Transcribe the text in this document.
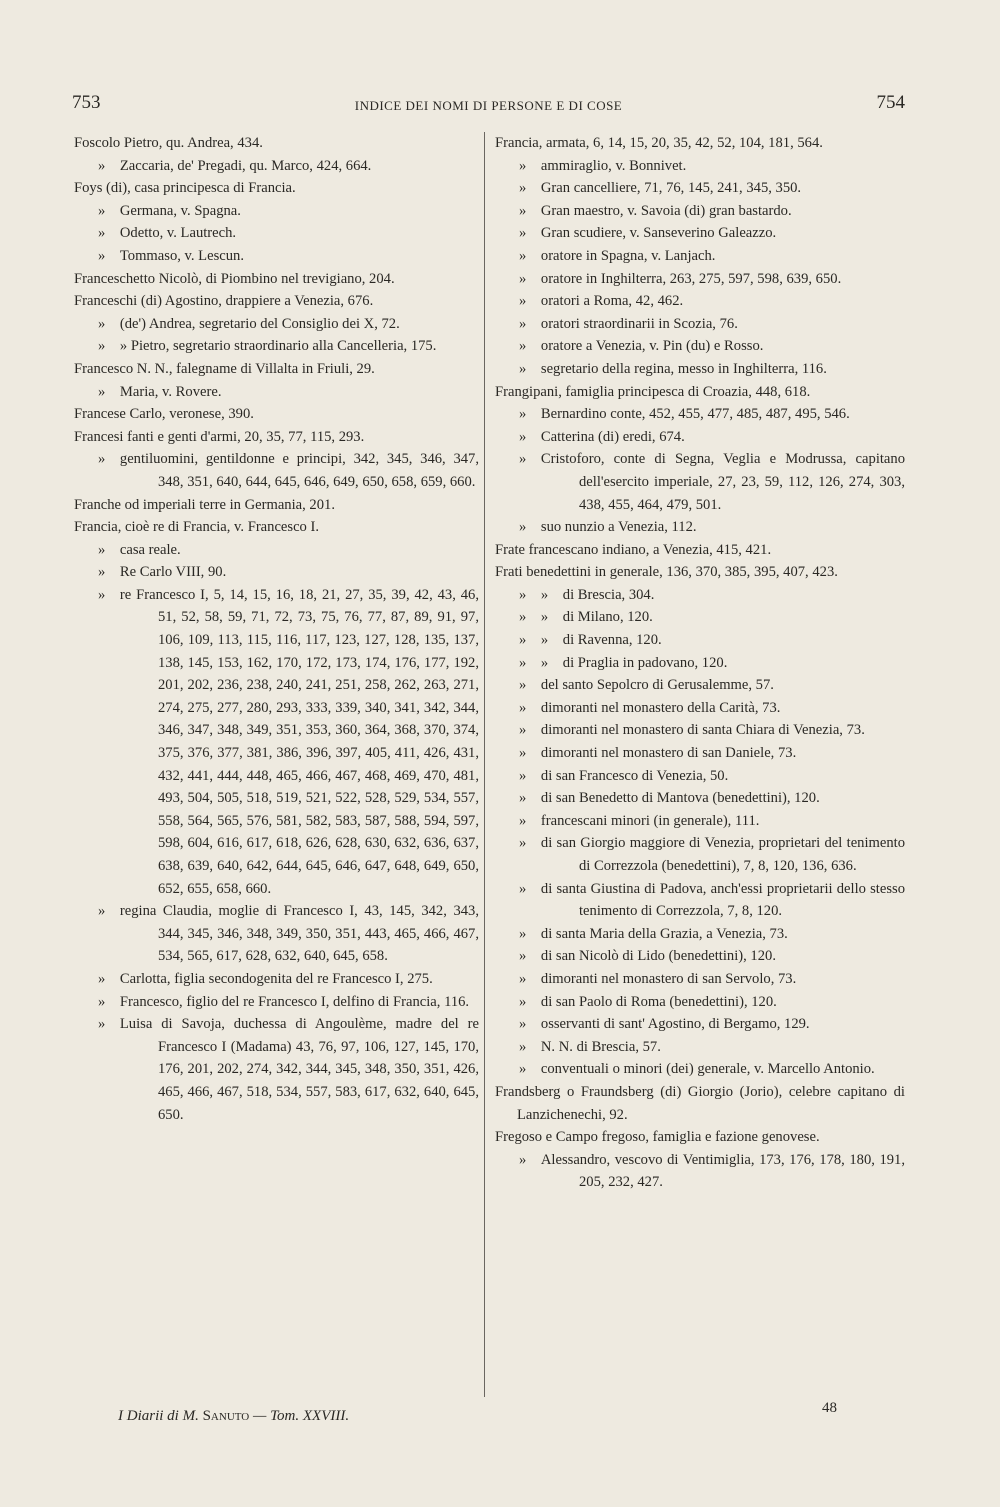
753	INDICE DEI NOMI DI PERSONE E DI COSE	754

Foscolo Pietro, qu. Andrea, 434.

» Zaccaria, de' Pregadi, qu. Marco, 424, 664.

Foys (di), casa principesca di Francia.

» Germana, v. Spagna.

» Odetto, v. Lautrech.

» Tommaso, v. Lescun.

Franceschetto Nicolò, di Piombino nel trevigiano, 204.

Franceschi (di) Agostino, drappiere a Venezia, 676.

» (de') Andrea, segretario del Consiglio dei X, 72.

» » Pietro, segretario straordinario alla Cancelleria, 175.

Francesco N. N., falegname di Villalta in Friuli, 29.

» Maria, v. Rovere.

Francese Carlo, veronese, 390.

Francesi fanti e genti d'armi, 20, 35, 77, 115, 293.

» gentiluomini, gentildonne e principi, 342, 345, 346, 347, 348, 351, 640, 644, 645, 646, 649, 650, 658, 659, 660.

Franche od imperiali terre in Germania, 201.

Francia, cioè re di Francia, v. Francesco I.

» casa reale.

» Re Carlo VIII, 90.

» re Francesco I, 5, 14, 15, 16, 18, 21, 27, 35, 39, 42, 43, 46, 51, 52, 58, 59, 71, 72, 73, 75, 76, 77, 87, 89, 91, 97, 106, 109, 113, 115, 116, 117, 123, 127, 128, 135, 137, 138, 145, 153, 162, 170, 172, 173, 174, 176, 177, 192, 201, 202, 236, 238, 240, 241, 251, 258, 262, 263, 271, 274, 275, 277, 280, 293, 333, 339, 340, 341, 342, 344, 346, 347, 348, 349, 351, 353, 360, 364, 368, 370, 374, 375, 376, 377, 381, 386, 396, 397, 405, 411, 426, 431, 432, 441, 444, 448, 465, 466, 467, 468, 469, 470, 481, 493, 504, 505, 518, 519, 521, 522, 528, 529, 534, 557, 558, 564, 565, 576, 581, 582, 583, 587, 588, 594, 597, 598, 604, 616, 617, 618, 626, 628, 630, 632, 636, 637, 638, 639, 640, 642, 644, 645, 646, 647, 648, 649, 650, 652, 655, 658, 660.

» regina Claudia, moglie di Francesco I, 43, 145, 342, 343, 344, 345, 346, 348, 349, 350, 351, 443, 465, 466, 467, 534, 565, 617, 628, 632, 640, 645, 658.

» Carlotta, figlia secondogenita del re Francesco I, 275.

» Francesco, figlio del re Francesco I, delfino di Francia, 116.

» Luisa di Savoja, duchessa di Angoulème, madre del re Francesco I (Madama) 43, 76, 97, 106, 127, 145, 170, 176, 201, 202, 274, 342, 344, 345, 348, 350, 351, 426, 465, 466, 467, 518, 534, 557, 583, 617, 632, 640, 645, 650.

Francia, armata, 6, 14, 15, 20, 35, 42, 52, 104, 181, 564.

» ammiraglio, v. Bonnivet.

» Gran cancelliere, 71, 76, 145, 241, 345, 350.

» Gran maestro, v. Savoia (di) gran bastardo.

» Gran scudiere, v. Sanseverino Galeazzo.

» oratore in Spagna, v. Lanjach.

» oratore in Inghilterra, 263, 275, 597, 598, 639, 650.

» oratori a Roma, 42, 462.

» oratori straordinarii in Scozia, 76.

» oratore a Venezia, v. Pin (du) e Rosso.

» segretario della regina, messo in Inghilterra, 116.

Frangipani, famiglia principesca di Croazia, 448, 618.

» Bernardino conte, 452, 455, 477, 485, 487, 495, 546.

» Catterina (di) eredi, 674.

» Cristoforo, conte di Segna, Veglia e Modrussa, capitano dell'esercito imperiale, 27, 23, 59, 112, 126, 274, 303, 438, 455, 464, 479, 501.

» suo nunzio a Venezia, 112.

Frate francescano indiano, a Venezia, 415, 421.

Frati benedettini in generale, 136, 370, 385, 395, 407, 423.

» » di Brescia, 304.

» » di Milano, 120.

» » di Ravenna, 120.

» » di Praglia in padovano, 120.

» del santo Sepolcro di Gerusalemme, 57.

» dimoranti nel monastero della Carità, 73.

» dimoranti nel monastero di santa Chiara di Venezia, 73.

» dimoranti nel monastero di san Daniele, 73.

» di san Francesco di Venezia, 50.

» di san Benedetto di Mantova (benedettini), 120.

» francescani minori (in generale), 111.

» di san Giorgio maggiore di Venezia, proprietari del tenimento di Correzzola (benedettini), 7, 8, 120, 136, 636.

» di santa Giustina di Padova, anch'essi proprietarii dello stesso tenimento di Correzzola, 7, 8, 120.

» di santa Maria della Grazia, a Venezia, 73.

» di san Nicolò di Lido (benedettini), 120.

» dimoranti nel monastero di san Servolo, 73.

» di san Paolo di Roma (benedettini), 120.

» osservanti di sant' Agostino, di Bergamo, 129.

» N. N. di Brescia, 57.

» conventuali o minori (dei) generale, v. Marcello Antonio.

Frandsberg o Fraundsberg (di) Giorgio (Jorio), celebre capitano di Lanzichenechi, 92.

Fregoso e Campo fregoso, famiglia e fazione genovese.

» Alessandro, vescovo di Ventimiglia, 173, 176, 178, 180, 191, 205, 232, 427.

I Diarii di M. Sanuto — Tom. XXVIII.	48
